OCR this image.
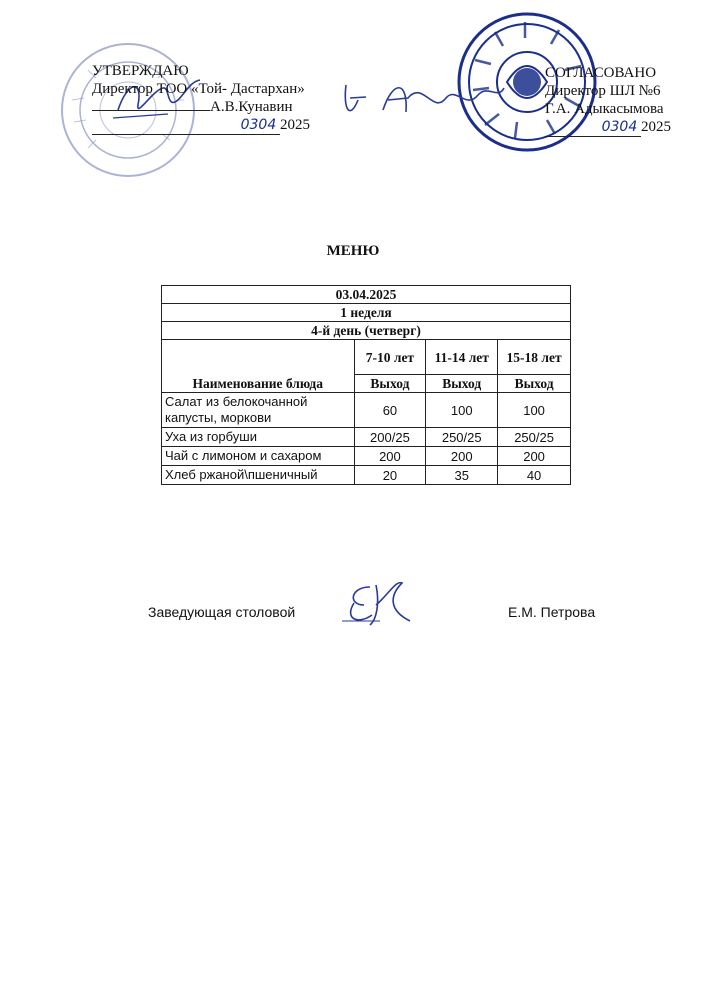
УТВЕРЖДАЮ
Директор ТОО «Той- Дастархан»
А.В.Кунавин
0304 2025
СОГЛАСОВАНО
Директор ШЛ №6
Г.А. Адыкасымова
0304 2025
МЕНЮ
03.04.2025			
1 неделя			
4-й день (четверг)			
Наименование блюда	7-10 лет	11-14 лет	15-18 лет
	Выход	Выход	Выход
Салат из белокочанной капусты, моркови	60	100	100
Уха из горбуши	200/25	250/25	250/25
Чай с лимоном и сахаром	200	200	200
Хлеб ржаной\пшеничный	20	35	40
Заведующая столовой	Е.М. Петрова
